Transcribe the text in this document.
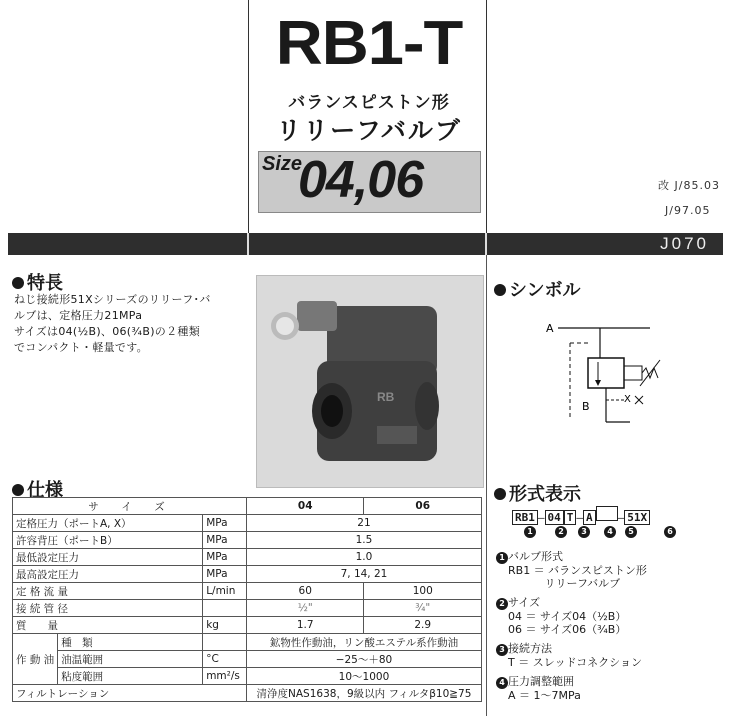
RB1-T
バランスピストン形
リリーフバルブ
Size
04,06	改 J/85.03
J/97.05
J070
特長
ねじ接続形51Xシリーズのリリーフ･バ
ルブは、定格圧力21MPa
サイズは04(½B)、06(¾B)の２種類
でコンパクト・軽量です。
RB
仕様
サ　イ　ズ			04	06
定格圧力（ポートA, X）		MPa	21	
許容背圧（ポートB）		MPa	1.5	
最低設定圧力		MPa	1.0	
最高設定圧力		MPa	7, 14, 21	
定 格 流 量		L/min	60	100
接 続 管 径			½"	¾"
質　　量		kg	1.7	2.9
作 動 油	種　類		鉱物性作動油，リン酸エステル系作動油	
	油温範囲	°C	−25〜＋80	
	粘度範囲	mm²/s	10〜1000	
フィルトレーション			清浄度NAS1638，9級以内 フィルタβ10≧75	
シンボル
A
B
X
形式表示
RB1 – 04 T – A – 51X
1	2 3	4 5	6
1 バルブ形式
RB1 ＝ バランスピストン形
　　　 リリーフバルブ
2 サイズ
04 ＝ サイズ04（½B）
06 ＝ サイズ06（¾B）
3 接続方法
T ＝ スレッドコネクション
4 圧力調整範囲
A ＝ 1〜7MPa
